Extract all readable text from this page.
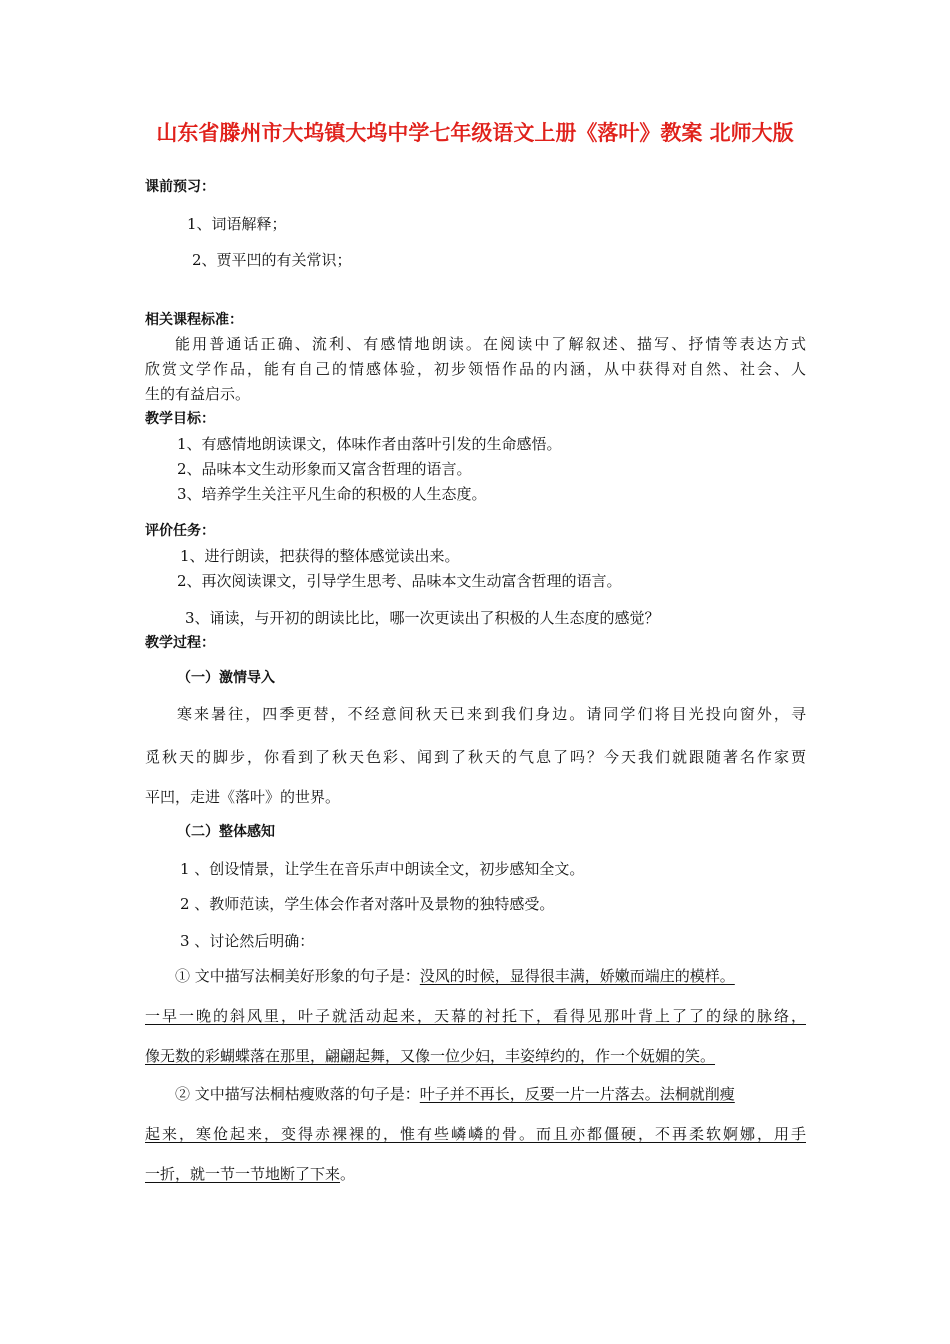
山东省滕州市大坞镇大坞中学七年级语文上册《落叶》教案 北师大版
课前预习：
1、词语解释；
2、贾平凹的有关常识；
相关课程标准：
能用普通话正确、流利、有感情地朗读。在阅读中了解叙述、描写、抒情等表达方式
欣赏文学作品，能有自己的情感体验，初步领悟作品的内涵，从中获得对自然、社会、人
生的有益启示。
教学目标：
1、有感情地朗读课文，体味作者由落叶引发的生命感悟。
2、品味本文生动形象而又富含哲理的语言。
3、培养学生关注平凡生命的积极的人生态度。
评价任务：
1、进行朗读，把获得的整体感觉读出来。
2、再次阅读课文，引导学生思考、品味本文生动富含哲理的语言。
3、诵读，与开初的朗读比比，哪一次更读出了积极的人生态度的感觉？
教学过程：
（一）激情导入
寒来暑往，四季更替，不经意间秋天已来到我们身边。请同学们将目光投向窗外，寻
觅秋天的脚步，你看到了秋天色彩、闻到了秋天的气息了吗？今天我们就跟随著名作家贾
平凹，走进《落叶》的世界。
（二）整体感知
1 、创设情景，让学生在音乐声中朗读全文，初步感知全文。
2 、教师范读，学生体会作者对落叶及景物的独特感受。
3 、讨论然后明确：
① 文中描写法桐美好形象的句子是：没风的时候，显得很丰满，娇嫩而端庄的模样。
一早一晚的斜风里，叶子就活动起来，天幕的衬托下，看得见那叶背上了了的绿的脉络，
像无数的彩蝴蝶落在那里，翩翩起舞，又像一位少妇，丰姿绰约的，作一个妩媚的笑。
② 文中描写法桐枯瘦败落的句子是：叶子并不再长，反要一片一片落去。法桐就削瘦
起来，寒伧起来，变得赤裸裸的，惟有些嶙嶙的骨。而且亦都僵硬，不再柔软婀娜，用手
一折，就一节一节地断了下来。
